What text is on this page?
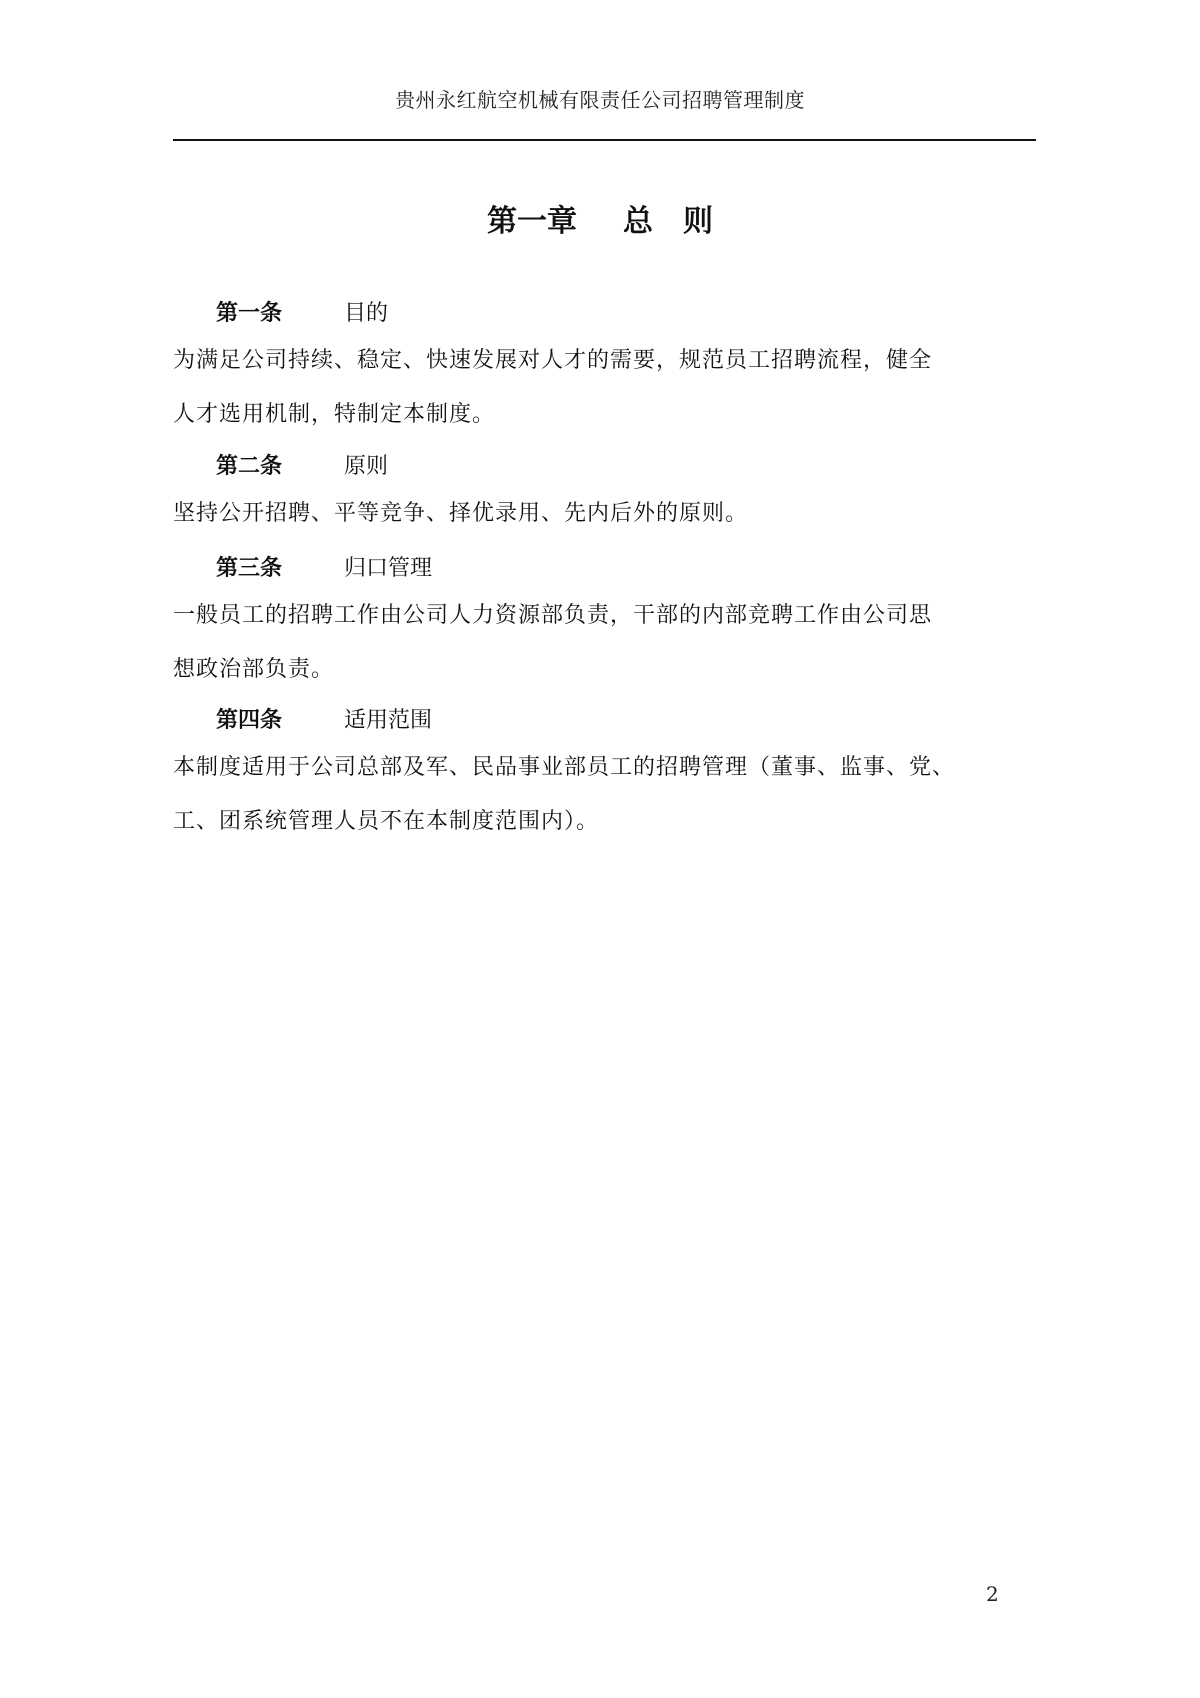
贵州永红航空机械有限责任公司招聘管理制度
第一章 总 则
第一条	目的
为满足公司持续、稳定、快速发展对人才的需要，规范员工招聘流程，健全
人才选用机制，特制定本制度。
第二条	原则
坚持公开招聘、平等竞争、择优录用、先内后外的原则。
第三条	归口管理
一般员工的招聘工作由公司人力资源部负责，干部的内部竞聘工作由公司思
想政治部负责。
第四条	适用范围
本制度适用于公司总部及军、民品事业部员工的招聘管理（董事、监事、党、
工、团系统管理人员不在本制度范围内）。
2
